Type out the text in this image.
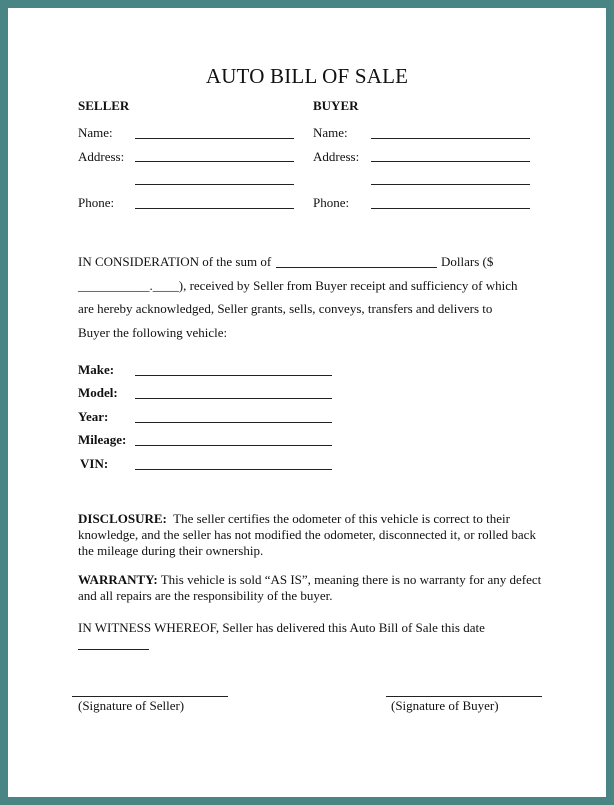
AUTO BILL OF SALE
SELLER
Name:
Address:
Phone:
BUYER
Name:
Address:
Phone:
IN CONSIDERATION of the sum of	Dollars ($
___________.____), received by Seller from Buyer receipt and sufficiency of which
are hereby acknowledged, Seller grants, sells, conveys, transfers and delivers to
Buyer the following vehicle:
Make:
Model:
Year:
Mileage:
VIN:
DISCLOSURE: The seller certifies the odometer of this vehicle is correct to their knowledge, and the seller has not modified the odometer, disconnected it, or rolled back the mileage during their ownership.
WARRANTY: This vehicle is sold “AS IS”, meaning there is no warranty for any defect and all repairs are the responsibility of the buyer.
IN WITNESS WHEREOF, Seller has delivered this Auto Bill of Sale this date
(Signature of Seller)	(Signature of Buyer)
